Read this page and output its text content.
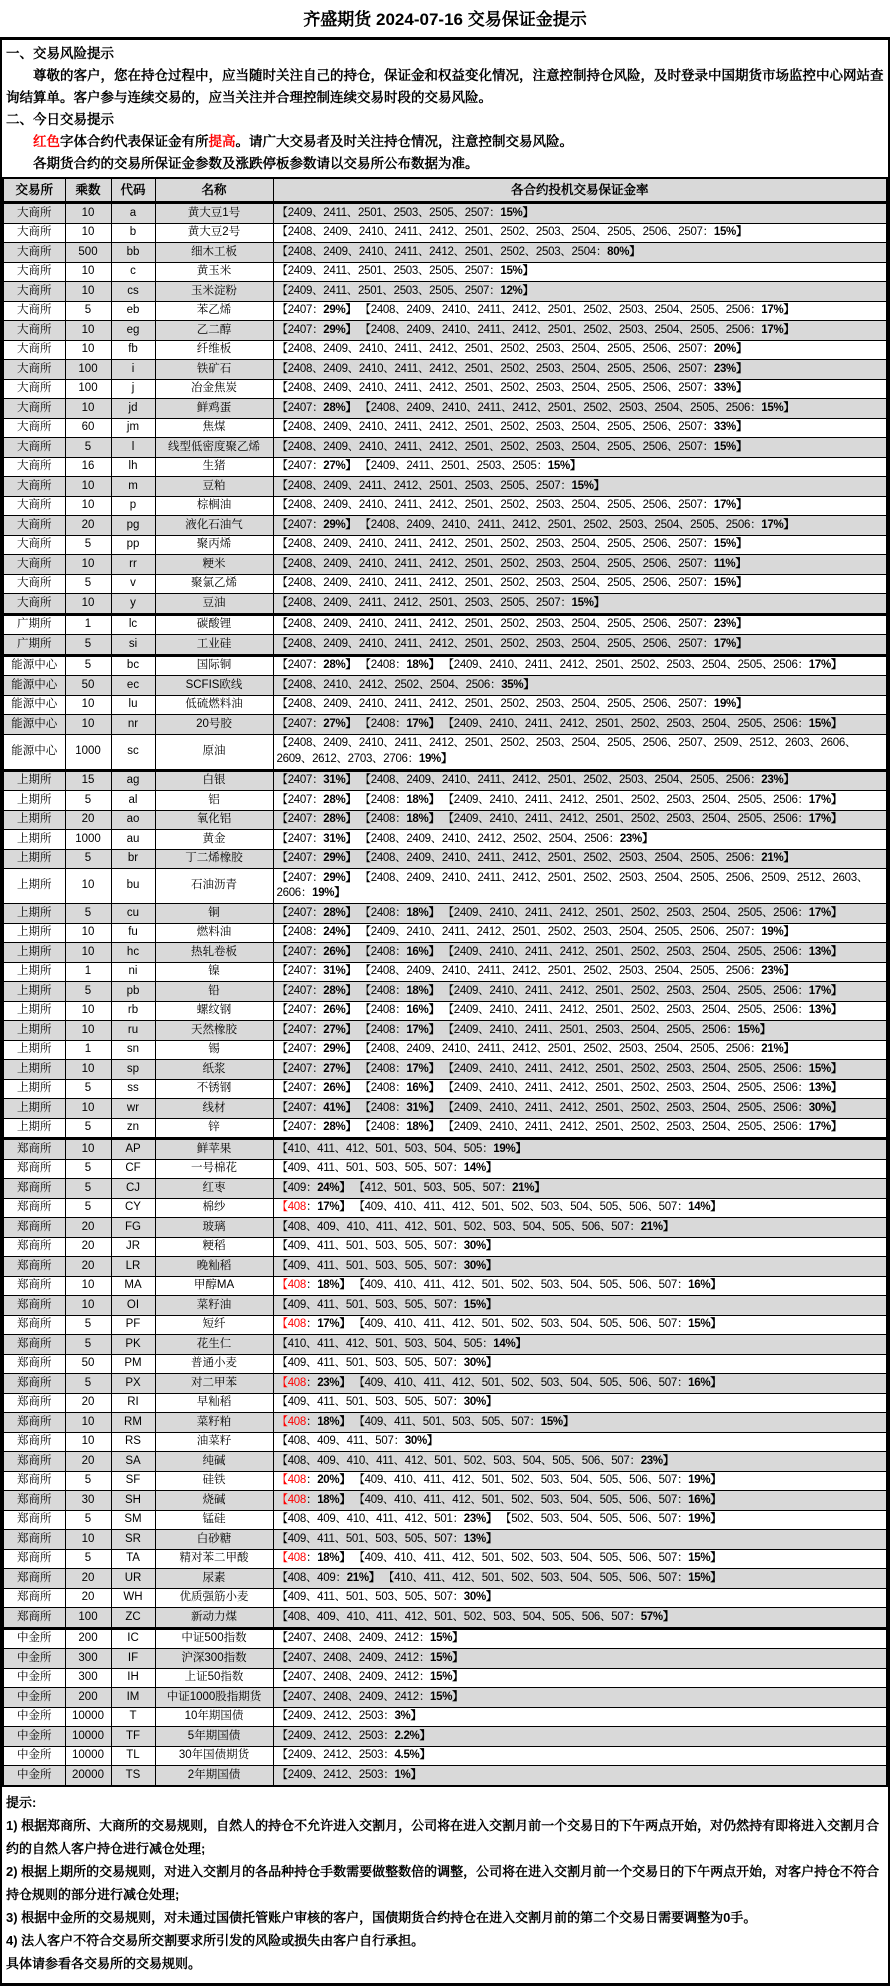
齐盛期货 2024-07-16 交易保证金提示
一、交易风险提示
尊敬的客户，您在持仓过程中，应当随时关注自己的持仓，保证金和权益变化情况，注意控制持仓风险，及时登录中国期货市场监控中心网站查询结算单。客户参与连续交易的，应当关注并合理控制连续交易时段的交易风险。
二、今日交易提示
红色字体合约代表保证金有所提高。请广大交易者及时关注持仓情况，注意控制交易风险。
各期货合约的交易所保证金参数及涨跌停板参数请以交易所公布数据为准。
交易所	乘数	代码	名称	各合约投机交易保证金率
大商所	10	a	黄大豆1号	【2409、2411、2501、2503、2505、2507：15%】
大商所	10	b	黄大豆2号	【2408、2409、2410、2411、2412、2501、2502、2503、2504、2505、2506、2507：15%】
大商所	500	bb	细木工板	【2408、2409、2410、2411、2412、2501、2502、2503、2504：80%】
大商所	10	c	黄玉米	【2409、2411、2501、2503、2505、2507：15%】
大商所	10	cs	玉米淀粉	【2409、2411、2501、2503、2505、2507：12%】
大商所	5	eb	苯乙烯	【2407：29%】 【2408、2409、2410、2411、2412、2501、2502、2503、2504、2505、2506：17%】
大商所	10	eg	乙二醇	【2407：29%】 【2408、2409、2410、2411、2412、2501、2502、2503、2504、2505、2506：17%】
大商所	10	fb	纤维板	【2408、2409、2410、2411、2412、2501、2502、2503、2504、2505、2506、2507：20%】
大商所	100	i	铁矿石	【2408、2409、2410、2411、2412、2501、2502、2503、2504、2505、2506、2507：23%】
大商所	100	j	冶金焦炭	【2408、2409、2410、2411、2412、2501、2502、2503、2504、2505、2506、2507：33%】
大商所	10	jd	鲜鸡蛋	【2407：28%】 【2408、2409、2410、2411、2412、2501、2502、2503、2504、2505、2506：15%】
大商所	60	jm	焦煤	【2408、2409、2410、2411、2412、2501、2502、2503、2504、2505、2506、2507：33%】
大商所	5	l	线型低密度聚乙烯	【2408、2409、2410、2411、2412、2501、2502、2503、2504、2505、2506、2507：15%】
大商所	16	lh	生猪	【2407：27%】 【2409、2411、2501、2503、2505：15%】
大商所	10	m	豆粕	【2408、2409、2411、2412、2501、2503、2505、2507：15%】
大商所	10	p	棕榈油	【2408、2409、2410、2411、2412、2501、2502、2503、2504、2505、2506、2507：17%】
大商所	20	pg	液化石油气	【2407：29%】 【2408、2409、2410、2411、2412、2501、2502、2503、2504、2505、2506：17%】
大商所	5	pp	聚丙烯	【2408、2409、2410、2411、2412、2501、2502、2503、2504、2505、2506、2507：15%】
大商所	10	rr	粳米	【2408、2409、2410、2411、2412、2501、2502、2503、2504、2505、2506、2507：11%】
大商所	5	v	聚氯乙烯	【2408、2409、2410、2411、2412、2501、2502、2503、2504、2505、2506、2507：15%】
大商所	10	y	豆油	【2408、2409、2411、2412、2501、2503、2505、2507：15%】
广期所	1	lc	碳酸锂	【2408、2409、2410、2411、2412、2501、2502、2503、2504、2505、2506、2507：23%】
广期所	5	si	工业硅	【2408、2409、2410、2411、2412、2501、2502、2503、2504、2505、2506、2507：17%】
能源中心	5	bc	国际铜	【2407：28%】 【2408：18%】 【2409、2410、2411、2412、2501、2502、2503、2504、2505、2506：17%】
能源中心	50	ec	SCFIS欧线	【2408、2410、2412、2502、2504、2506：35%】
能源中心	10	lu	低硫燃料油	【2408、2409、2410、2411、2412、2501、2502、2503、2504、2505、2506、2507：19%】
能源中心	10	nr	20号胶	【2407：27%】 【2408：17%】 【2409、2410、2411、2412、2501、2502、2503、2504、2505、2506：15%】
能源中心	1000	sc	原油	【2408、2409、2410、2411、2412、2501、2502、2503、2504、2505、2506、2507、2509、2512、2603、2606、2609、2612、2703、2706：19%】
上期所	15	ag	白银	【2407：31%】 【2408、2409、2410、2411、2412、2501、2502、2503、2504、2505、2506：23%】
上期所	5	al	铝	【2407：28%】 【2408：18%】 【2409、2410、2411、2412、2501、2502、2503、2504、2505、2506：17%】
上期所	20	ao	氧化铝	【2407：28%】 【2408：18%】 【2409、2410、2411、2412、2501、2502、2503、2504、2505、2506：17%】
上期所	1000	au	黄金	【2407：31%】 【2408、2409、2410、2412、2502、2504、2506：23%】
上期所	5	br	丁二烯橡胶	【2407：29%】 【2408、2409、2410、2411、2412、2501、2502、2503、2504、2505、2506：21%】
上期所	10	bu	石油沥青	【2407：29%】 【2408、2409、2410、2411、2412、2501、2502、2503、2504、2505、2506、2509、2512、2603、2606：19%】
上期所	5	cu	铜	【2407：28%】 【2408：18%】 【2409、2410、2411、2412、2501、2502、2503、2504、2505、2506：17%】
上期所	10	fu	燃料油	【2408：24%】 【2409、2410、2411、2412、2501、2502、2503、2504、2505、2506、2507：19%】
上期所	10	hc	热轧卷板	【2407：26%】 【2408：16%】 【2409、2410、2411、2412、2501、2502、2503、2504、2505、2506：13%】
上期所	1	ni	镍	【2407：31%】 【2408、2409、2410、2411、2412、2501、2502、2503、2504、2505、2506：23%】
上期所	5	pb	铅	【2407：28%】 【2408：18%】 【2409、2410、2411、2412、2501、2502、2503、2504、2505、2506：17%】
上期所	10	rb	螺纹钢	【2407：26%】 【2408：16%】 【2409、2410、2411、2412、2501、2502、2503、2504、2505、2506：13%】
上期所	10	ru	天然橡胶	【2407：27%】 【2408：17%】 【2409、2410、2411、2501、2503、2504、2505、2506：15%】
上期所	1	sn	锡	【2407：29%】 【2408、2409、2410、2411、2412、2501、2502、2503、2504、2505、2506：21%】
上期所	10	sp	纸浆	【2407：27%】 【2408：17%】 【2409、2410、2411、2412、2501、2502、2503、2504、2505、2506：15%】
上期所	5	ss	不锈钢	【2407：26%】 【2408：16%】 【2409、2410、2411、2412、2501、2502、2503、2504、2505、2506：13%】
上期所	10	wr	线材	【2407：41%】 【2408：31%】 【2409、2410、2411、2412、2501、2502、2503、2504、2505、2506：30%】
上期所	5	zn	锌	【2407：28%】 【2408：18%】 【2409、2410、2411、2412、2501、2502、2503、2504、2505、2506：17%】
郑商所	10	AP	鲜苹果	【410、411、412、501、503、504、505：19%】
郑商所	5	CF	一号棉花	【409、411、501、503、505、507：14%】
郑商所	5	CJ	红枣	【409：24%】 【412、501、503、505、507：21%】
郑商所	5	CY	棉纱	【408：17%】 【409、410、411、412、501、502、503、504、505、506、507：14%】
郑商所	20	FG	玻璃	【408、409、410、411、412、501、502、503、504、505、506、507：21%】
郑商所	20	JR	粳稻	【409、411、501、503、505、507：30%】
郑商所	20	LR	晚籼稻	【409、411、501、503、505、507：30%】
郑商所	10	MA	甲醇MA	【408：18%】 【409、410、411、412、501、502、503、504、505、506、507：16%】
郑商所	10	OI	菜籽油	【409、411、501、503、505、507：15%】
郑商所	5	PF	短纤	【408：17%】 【409、410、411、412、501、502、503、504、505、506、507：15%】
郑商所	5	PK	花生仁	【410、411、412、501、503、504、505：14%】
郑商所	50	PM	普通小麦	【409、411、501、503、505、507：30%】
郑商所	5	PX	对二甲苯	【408：23%】 【409、410、411、412、501、502、503、504、505、506、507：16%】
郑商所	20	RI	早籼稻	【409、411、501、503、505、507：30%】
郑商所	10	RM	菜籽粕	【408：18%】 【409、411、501、503、505、507：15%】
郑商所	10	RS	油菜籽	【408、409、411、507：30%】
郑商所	20	SA	纯碱	【408、409、410、411、412、501、502、503、504、505、506、507：23%】
郑商所	5	SF	硅铁	【408：20%】 【409、410、411、412、501、502、503、504、505、506、507：19%】
郑商所	30	SH	烧碱	【408：18%】 【409、410、411、412、501、502、503、504、505、506、507：16%】
郑商所	5	SM	锰硅	【408、409、410、411、412、501：23%】 【502、503、504、505、506、507：19%】
郑商所	10	SR	白砂糖	【409、411、501、503、505、507：13%】
郑商所	5	TA	精对苯二甲酸	【408：18%】 【409、410、411、412、501、502、503、504、505、506、507：15%】
郑商所	20	UR	尿素	【408、409：21%】 【410、411、412、501、502、503、504、505、506、507：15%】
郑商所	20	WH	优质强筋小麦	【409、411、501、503、505、507：30%】
郑商所	100	ZC	新动力煤	【408、409、410、411、412、501、502、503、504、505、506、507：57%】
中金所	200	IC	中证500指数	【2407、2408、2409、2412：15%】
中金所	300	IF	沪深300指数	【2407、2408、2409、2412：15%】
中金所	300	IH	上证50指数	【2407、2408、2409、2412：15%】
中金所	200	IM	中证1000股指期货	【2407、2408、2409、2412：15%】
中金所	10000	T	10年期国债	【2409、2412、2503：3%】
中金所	10000	TF	5年期国债	【2409、2412、2503：2.2%】
中金所	10000	TL	30年国债期货	【2409、2412、2503：4.5%】
中金所	20000	TS	2年期国债	【2409、2412、2503：1%】
提示:
1) 根据郑商所、大商所的交易规则，自然人的持仓不允许进入交割月，公司将在进入交割月前一个交易日的下午两点开始，对仍然持有即将进入交割月合约的自然人客户持仓进行减仓处理;
2) 根据上期所的交易规则，对进入交割月的各品种持仓手数需要做整数倍的调整，公司将在进入交割月前一个交易日的下午两点开始，对客户持仓不符合持仓规则的部分进行减仓处理;
3) 根据中金所的交易规则，对未通过国债托管账户审核的客户，国债期货合约持仓在进入交割月前的第二个交易日需要调整为0手。
4) 法人客户不符合交易所交割要求所引发的风险或损失由客户自行承担。
具体请参看各交易所的交易规则。
